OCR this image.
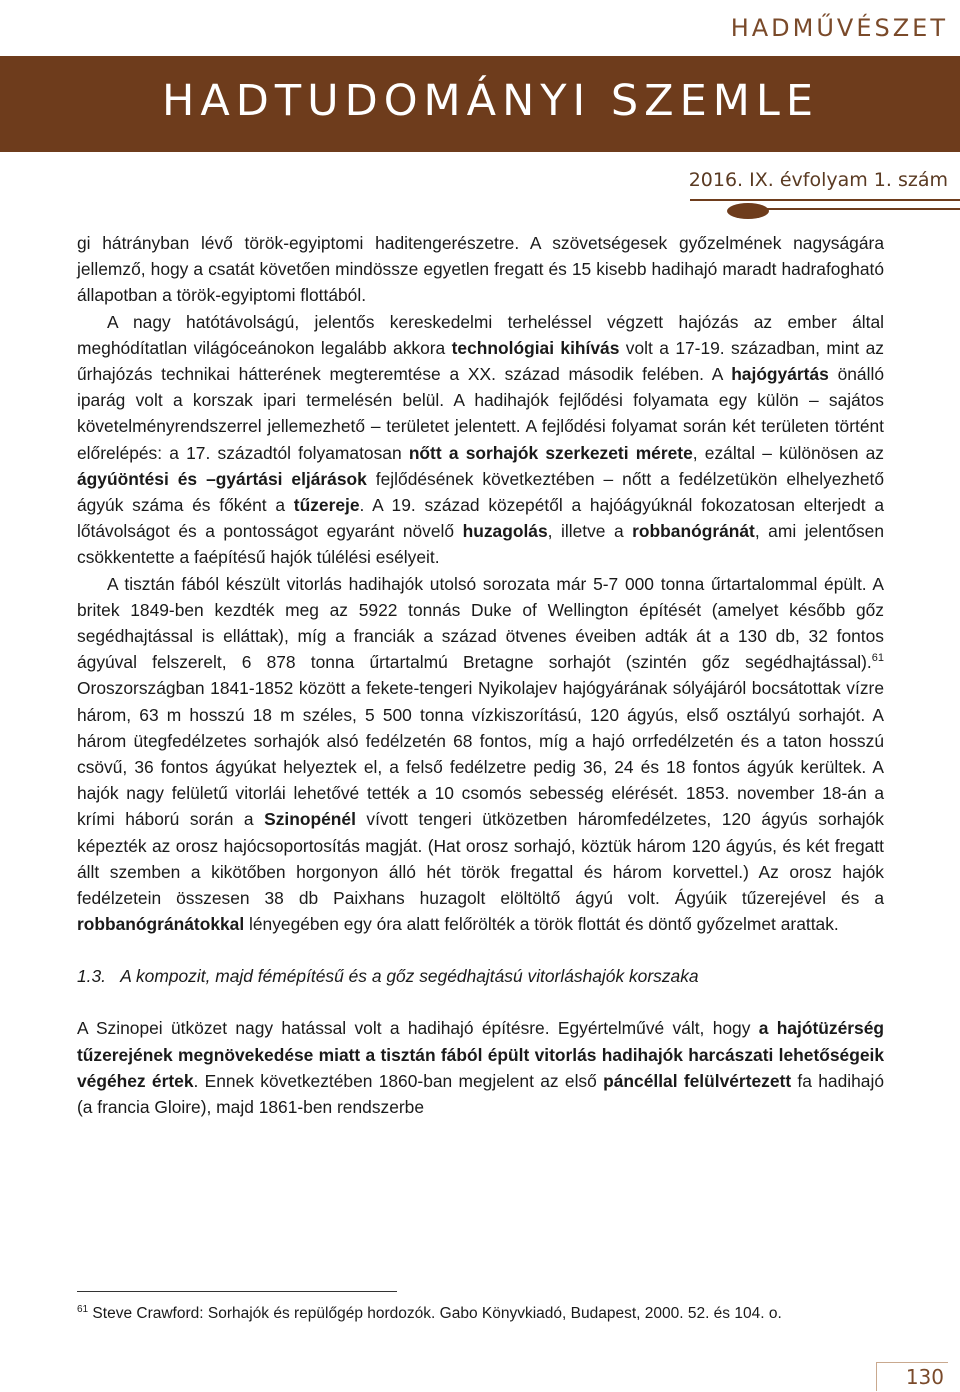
HADMŰVÉSZET
HADTUDOMÁNYI SZEMLE
2016. IX. évfolyam 1. szám

gi hátrányban lévő török-egyiptomi haditengerészetre. A szövetségesek győzelmének nagyságára jellemző, hogy a csatát követően mindössze egyetlen fregatt és 15 kisebb hadihajó maradt hadrafogható állapotban a török-egyiptomi flottából.

A nagy hatótávolságú, jelentős kereskedelmi terheléssel végzett hajózás az ember által meghódítatlan világóceánokon legalább akkora technológiai kihívás volt a 17-19. században, mint az űrhajózás technikai hátterének megteremtése a XX. század második felében. A hajógyártás önálló iparág volt a korszak ipari termelésén belül. A hadihajók fejlődési folyamata egy külön – sajátos követelményrendszerrel jellemezhető – területet jelentett. A fejlődési folyamat során két területen történt előrelépés: a 17. századtól folyamatosan nőtt a sorhajók szerkezeti mérete, ezáltal – különösen az ágyúöntési és –gyártási eljárások fejlődésének következtében – nőtt a fedélzetükön elhelyezhető ágyúk száma és főként a tűzereje. A 19. század közepétől a hajóágyúknál fokozatosan elterjedt a lőtávolságot és a pontosságot egyaránt növelő huzagolás, illetve a robbanógránát, ami jelentősen csökkentette a faépítésű hajók túlélési esélyeit.

A tisztán fából készült vitorlás hadihajók utolsó sorozata már 5-7 000 tonna űrtartalommal épült. A britek 1849-ben kezdték meg az 5922 tonnás Duke of Wellington építését (amelyet később gőz segédhajtással is elláttak), míg a franciák a század ötvenes éveiben adták át a 130 db, 32 fontos ágyúval felszerelt, 6 878 tonna űrtartalmú Bretagne sorhajót (szintén gőz segédhajtással).$^{61}$ Oroszországban 1841-1852 között a fekete-tengeri Nyikolajev hajógyárának sólyájáról bocsátottak vízre három, 63 m hosszú 18 m széles, 5 500 tonna vízkiszorítású, 120 ágyús, első osztályú sorhajót. A három ütegfedélzetes sorhajók alsó fedélzetén 68 fontos, míg a hajó orrfedélzetén és a taton hosszú csövű, 36 fontos ágyúkat helyeztek el, a felső fedélzetre pedig 36, 24 és 18 fontos ágyúk kerültek. A hajók nagy felületű vitorlái lehetővé tették a 10 csomós sebesség elérését. 1853. november 18-án a krími háború során a Szinopénél vívott tengeri ütközetben háromfedélzetes, 120 ágyús sorhajók képezték az orosz hajócsoportosítás magját. (Hat orosz sorhajó, köztük három 120 ágyús, és két fregatt állt szemben a kikötőben horgonyon álló hét török fregattal és három korvettel.) Az orosz hajók fedélzetein összesen 38 db Paixhans huzagolt elöltöltő ágyú volt. Ágyúik tűzerejével és a robbanógránátokkal lényegében egy óra alatt felőrölték a török flottát és döntő győzelmet arattak.

1.3. A kompozit, majd fémépítésű és a gőz segédhajtású vitorláshajók korszaka

A Szinopei ütközet nagy hatással volt a hadihajó építésre. Egyértelművé vált, hogy a hajótüzérség tűzerejének megnövekedése miatt a tisztán fából épült vitorlás hadihajók harcászati lehetőségeik végéhez értek. Ennek következtében 1860-ban megjelent az első páncéllal felülvértezett fa hadihajó (a francia Gloire), majd 1861-ben rendszerbe

$^{61}$ Steve Crawford: Sorhajók és repülőgép hordozók. Gabo Könyvkiadó, Budapest, 2000. 52. és 104. o.
130
